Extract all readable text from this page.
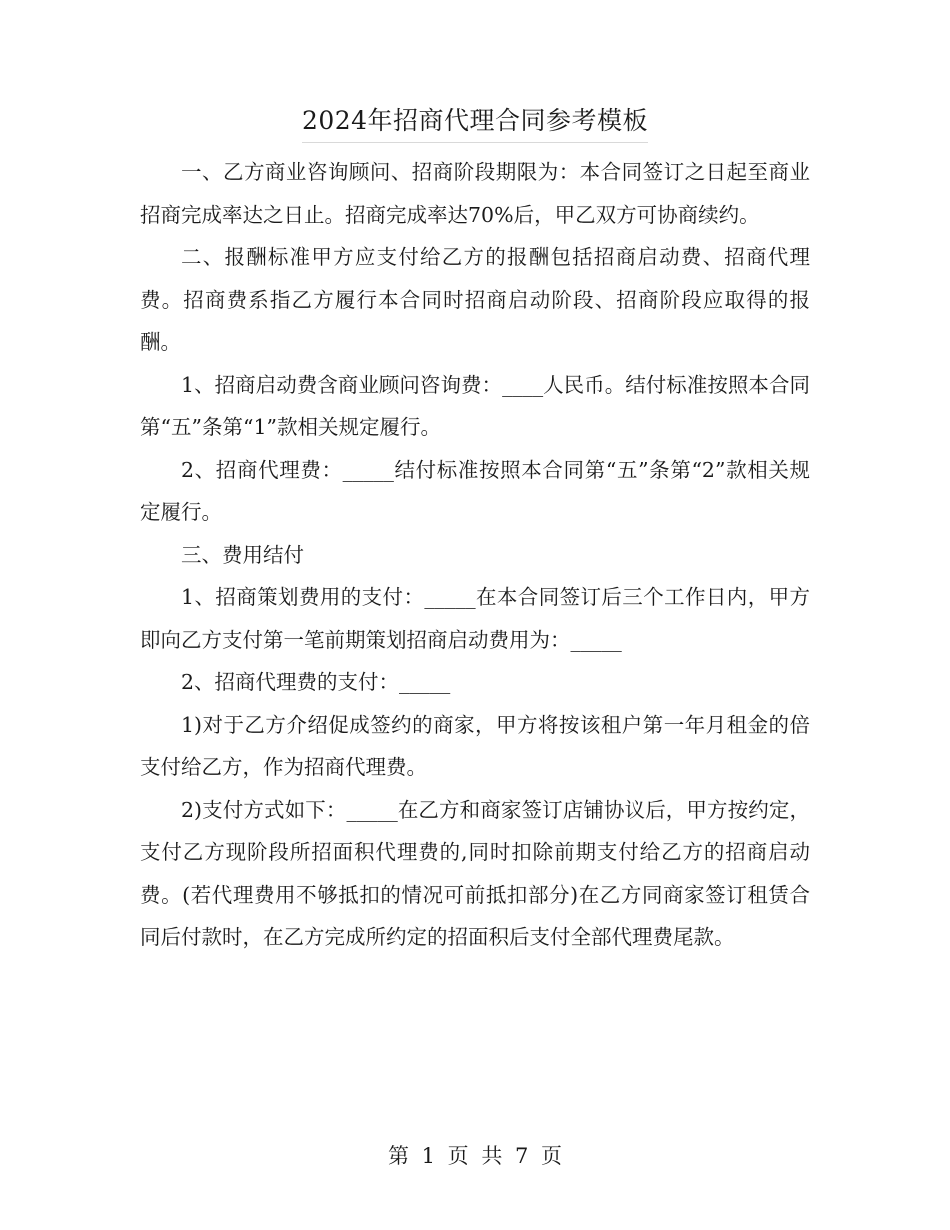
2024年招商代理合同参考模板

一、乙方商业咨询顾问、招商阶段期限为：本合同签订之日起至商业招商完成率达之日止。招商完成率达70%后，甲乙双方可协商续约。

二、报酬标准甲方应支付给乙方的报酬包括招商启动费、招商代理费。招商费系指乙方履行本合同时招商启动阶段、招商阶段应取得的报酬。

1、招商启动费含商业顾问咨询费：____人民币。结付标准按照本合同第“五”条第“1”款相关规定履行。

2、招商代理费：_____结付标准按照本合同第“五”条第“2”款相关规定履行。

三、费用结付

1、招商策划费用的支付：_____在本合同签订后三个工作日内，甲方即向乙方支付第一笔前期策划招商启动费用为：_____

2、招商代理费的支付：_____

1)对于乙方介绍促成签约的商家，甲方将按该租户第一年月租金的倍支付给乙方，作为招商代理费。

2)支付方式如下：_____在乙方和商家签订店铺协议后，甲方按约定，支付乙方现阶段所招面积代理费的,同时扣除前期支付给乙方的招商启动费。(若代理费用不够抵扣的情况可前抵扣部分)在乙方同商家签订租赁合同后付款时，在乙方完成所约定的招面积后支付全部代理费尾款。

第 1 页 共 7 页
